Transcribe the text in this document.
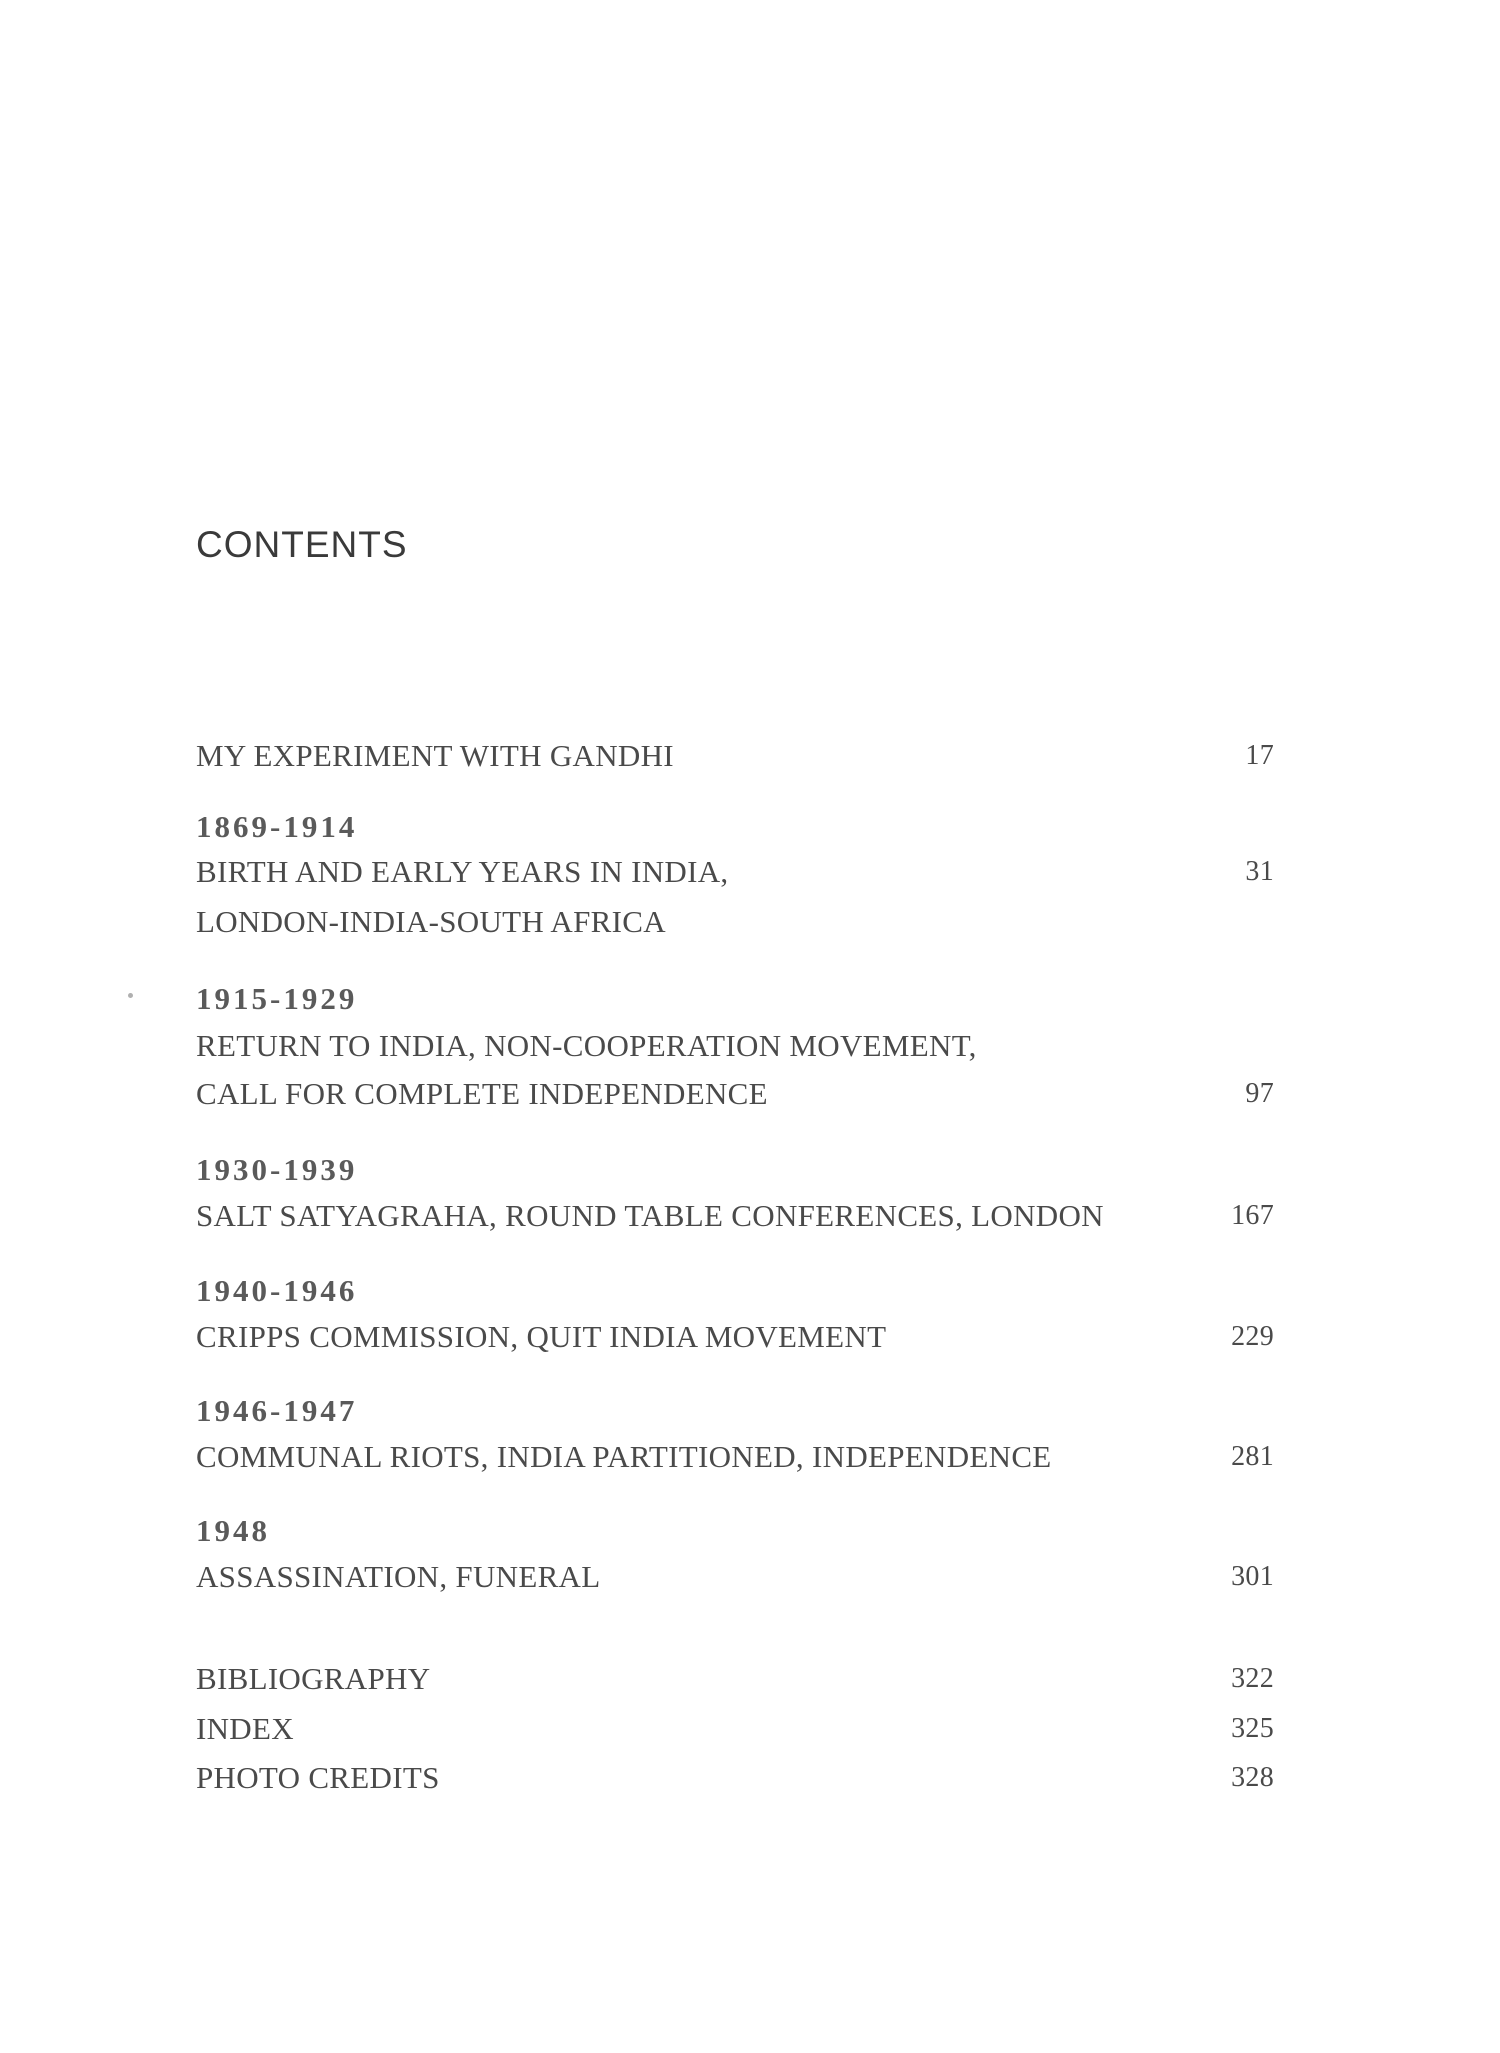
CONTENTS
MY EXPERIMENT WITH GANDHI	17
1869-1914
BIRTH AND EARLY YEARS IN INDIA,	31
LONDON-INDIA-SOUTH AFRICA
1915-1929
RETURN TO INDIA, NON-COOPERATION MOVEMENT,
CALL FOR COMPLETE INDEPENDENCE	97
1930-1939
SALT SATYAGRAHA, ROUND TABLE CONFERENCES, LONDON	167
1940-1946
CRIPPS COMMISSION, QUIT INDIA MOVEMENT	229
1946-1947
COMMUNAL RIOTS, INDIA PARTITIONED, INDEPENDENCE	281
1948
ASSASSINATION, FUNERAL	301
BIBLIOGRAPHY	322
INDEX	325
PHOTO CREDITS	328
